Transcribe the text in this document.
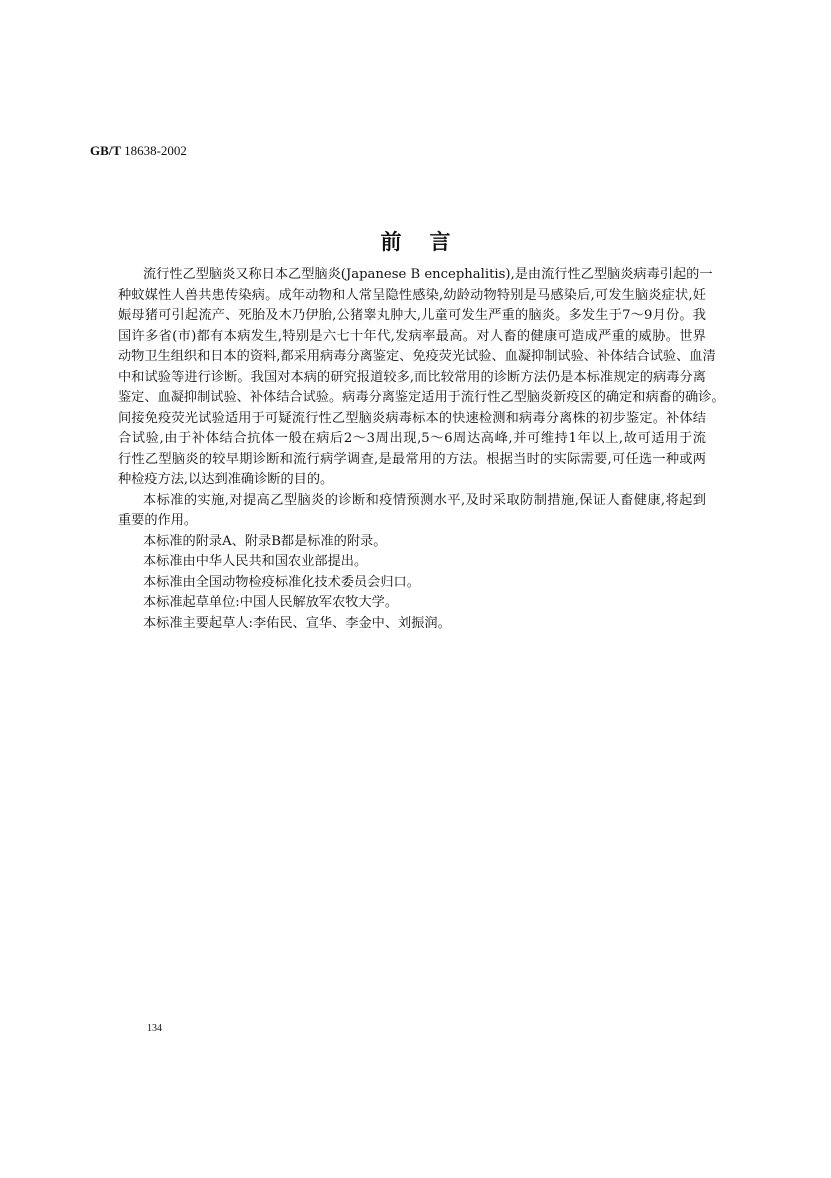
GB/T 18638-2002
前言
流行性乙型脑炎又称日本乙型脑炎(Japanese B encephalitis),是由流行性乙型脑炎病毒引起的一
种蚊媒性人兽共患传染病。成年动物和人常呈隐性感染,幼龄动物特别是马感染后,可发生脑炎症状,妊
娠母猪可引起流产、死胎及木乃伊胎,公猪睾丸肿大,儿童可发生严重的脑炎。多发生于7～9月份。我
国许多省(市)都有本病发生,特别是六七十年代,发病率最高。对人畜的健康可造成严重的威胁。世界
动物卫生组织和日本的资料,都采用病毒分离鉴定、免疫荧光试验、血凝抑制试验、补体结合试验、血清
中和试验等进行诊断。我国对本病的研究报道较多,而比较常用的诊断方法仍是本标准规定的病毒分离
鉴定、血凝抑制试验、补体结合试验。病毒分离鉴定适用于流行性乙型脑炎新疫区的确定和病畜的确诊。
间接免疫荧光试验适用于可疑流行性乙型脑炎病毒标本的快速检测和病毒分离株的初步鉴定。补体结
合试验,由于补体结合抗体一般在病后2～3周出现,5～6周达高峰,并可维持1年以上,故可适用于流
行性乙型脑炎的较早期诊断和流行病学调查,是最常用的方法。根据当时的实际需要,可任选一种或两
种检疫方法,以达到准确诊断的目的。
本标准的实施,对提高乙型脑炎的诊断和疫情预测水平,及时采取防制措施,保证人畜健康,将起到
重要的作用。
本标准的附录A、附录B都是标准的附录。
本标准由中华人民共和国农业部提出。
本标准由全国动物检疫标准化技术委员会归口。
本标准起草单位:中国人民解放军农牧大学。
本标准主要起草人:李佑民、宣华、李金中、刘振润。
134
